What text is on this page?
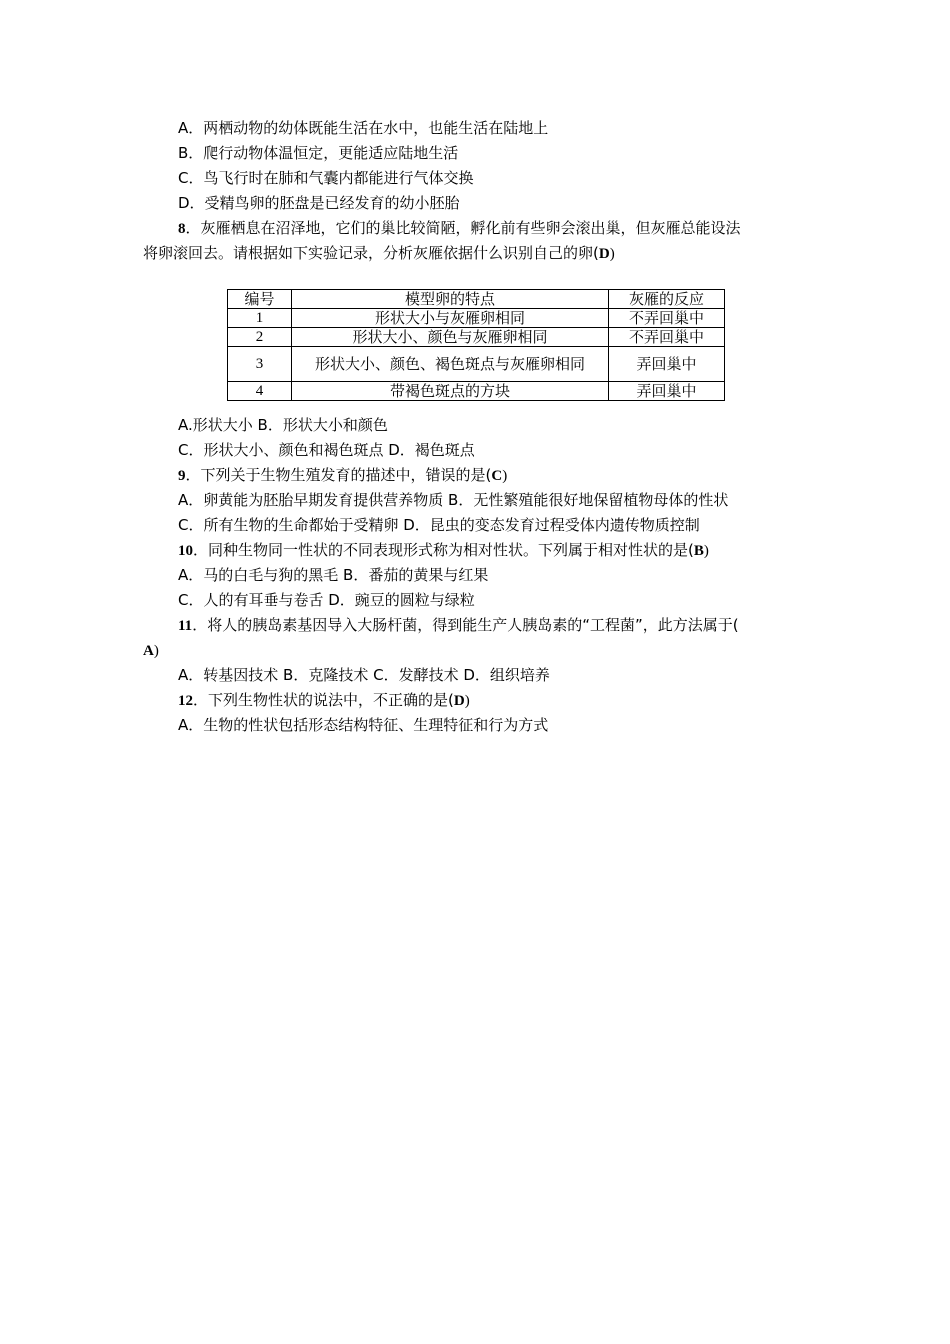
A．两栖动物的幼体既能生活在水中，也能生活在陆地上
B．爬行动物体温恒定，更能适应陆地生活
C．鸟飞行时在肺和气囊内都能进行气体交换
D．受精鸟卵的胚盘是已经发育的幼小胚胎
8．灰雁栖息在沼泽地，它们的巢比较简陋，孵化前有些卵会滚出巢，但灰雁总能设法
将卵滚回去。请根据如下实验记录，分析灰雁依据什么识别自己的卵(D)
编号	模型卵的特点	灰雁的反应
1	形状大小与灰雁卵相同	不弄回巢中
2	形状大小、颜色与灰雁卵相同	不弄回巢中
3	形状大小、颜色、褐色斑点与灰雁卵相同	弄回巢中
4	带褐色斑点的方块	弄回巢中
A.形状大小 B．形状大小和颜色
C．形状大小、颜色和褐色斑点 D．褐色斑点
9．下列关于生物生殖发育的描述中，错误的是(C)
A．卵黄能为胚胎早期发育提供营养物质 B．无性繁殖能很好地保留植物母体的性状
C．所有生物的生命都始于受精卵 D．昆虫的变态发育过程受体内遗传物质控制
10．同种生物同一性状的不同表现形式称为相对性状。下列属于相对性状的是(B)
A．马的白毛与狗的黑毛 B．番茄的黄果与红果
C．人的有耳垂与卷舌 D．豌豆的圆粒与绿粒
11．将人的胰岛素基因导入大肠杆菌，得到能生产人胰岛素的“工程菌”，此方法属于(
A)
A．转基因技术 B．克隆技术 C．发酵技术 D．组织培养
12．下列生物性状的说法中，不正确的是(D)
A．生物的性状包括形态结构特征、生理特征和行为方式
